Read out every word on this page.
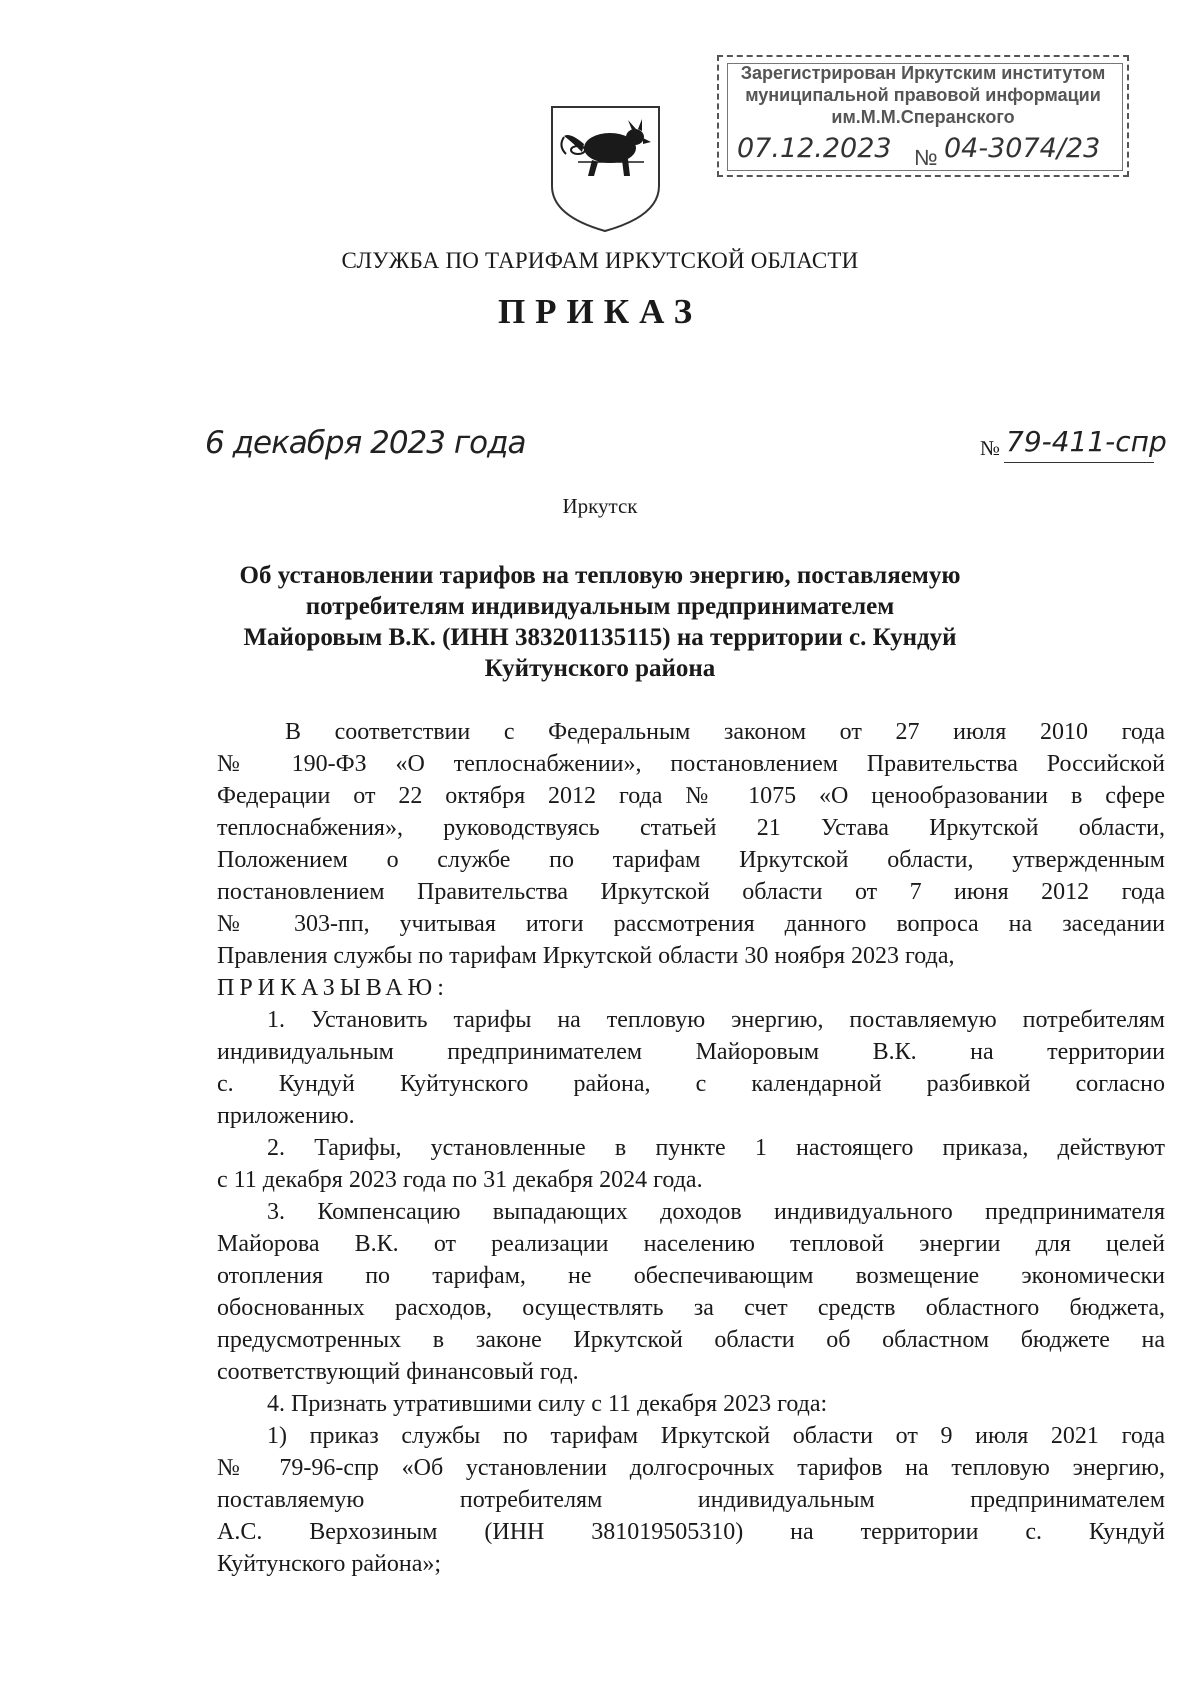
Зарегистрирован Иркутским институтом
муниципальной правовой информации
им.М.М.Сперанского
07.12.2023 № 04-3074/23
СЛУЖБА ПО ТАРИФАМ ИРКУТСКОЙ ОБЛАСТИ
ПРИКАЗ
6 декабря 2023 года	№ 79-411-спр
Иркутск
Об установлении тарифов на тепловую энергию, поставляемую
потребителям индивидуальным предпринимателем
Майоровым В.К. (ИНН 383201135115) на территории с. Кундуй
Куйтунского района
В соответствии с Федеральным законом от 27 июля 2010 года
№ 190-ФЗ «О теплоснабжении», постановлением Правительства Российской
Федерации от 22 октября 2012 года № 1075 «О ценообразовании в сфере
теплоснабжения», руководствуясь статьей 21 Устава Иркутской области,
Положением о службе по тарифам Иркутской области, утвержденным
постановлением Правительства Иркутской области от 7 июня 2012 года
№ 303-пп, учитывая итоги рассмотрения данного вопроса на заседании
Правления службы по тарифам Иркутской области 30 ноября 2023 года,
ПРИКАЗЫВАЮ:
1. Установить тарифы на тепловую энергию, поставляемую потребителям
индивидуальным предпринимателем Майоровым В.К. на территории
с. Кундуй Куйтунского района, с календарной разбивкой согласно
приложению.
2. Тарифы, установленные в пункте 1 настоящего приказа, действуют
с 11 декабря 2023 года по 31 декабря 2024 года.
3. Компенсацию выпадающих доходов индивидуального предпринимателя
Майорова В.К. от реализации населению тепловой энергии для целей
отопления по тарифам, не обеспечивающим возмещение экономически
обоснованных расходов, осуществлять за счет средств областного бюджета,
предусмотренных в законе Иркутской области об областном бюджете на
соответствующий финансовый год.
4. Признать утратившими силу с 11 декабря 2023 года:
1) приказ службы по тарифам Иркутской области от 9 июля 2021 года
№ 79-96-спр «Об установлении долгосрочных тарифов на тепловую энергию,
поставляемую потребителям индивидуальным предпринимателем
А.С. Верхозиным (ИНН 381019505310) на территории с. Кундуй
Куйтунского района»;
